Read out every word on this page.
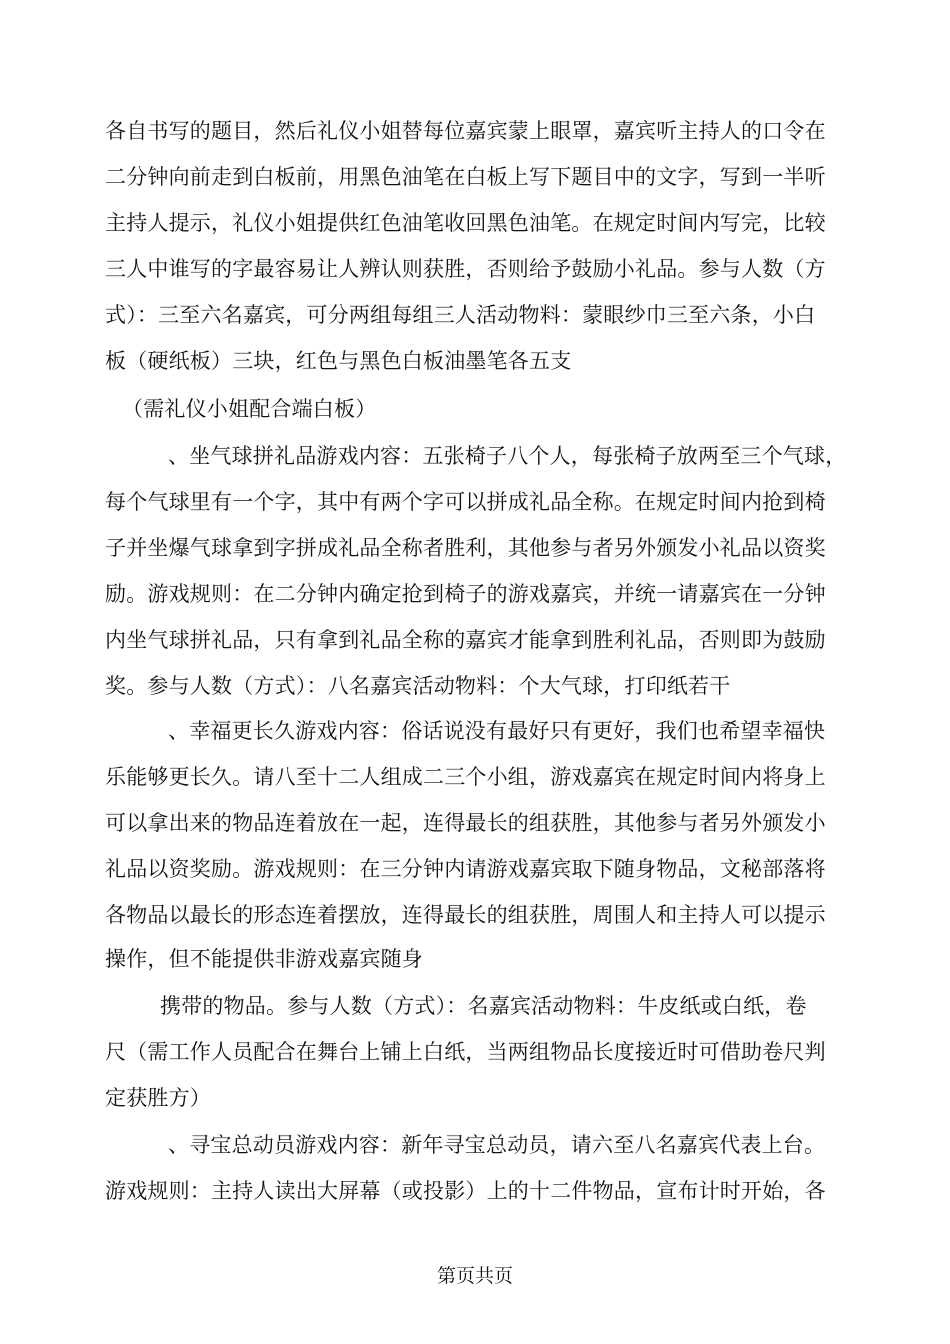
各自书写的题目，然后礼仪小姐替每位嘉宾蒙上眼罩，嘉宾听主持人的口令在
二分钟向前走到白板前，用黑色油笔在白板上写下题目中的文字，写到一半听
主持人提示，礼仪小姐提供红色油笔收回黑色油笔。在规定时间内写完，比较
三人中谁写的字最容易让人辨认则获胜，否则给予鼓励小礼品。参与人数（方
式）：三至六名嘉宾，可分两组每组三人活动物料：蒙眼纱巾三至六条，小白
板（硬纸板）三块，红色与黑色白板油墨笔各五支
（需礼仪小姐配合端白板）
、坐气球拼礼品游戏内容：五张椅子八个人，每张椅子放两至三个气球，
每个气球里有一个字，其中有两个字可以拼成礼品全称。在规定时间内抢到椅
子并坐爆气球拿到字拼成礼品全称者胜利，其他参与者另外颁发小礼品以资奖
励。游戏规则：在二分钟内确定抢到椅子的游戏嘉宾，并统一请嘉宾在一分钟
内坐气球拼礼品，只有拿到礼品全称的嘉宾才能拿到胜利礼品，否则即为鼓励
奖。参与人数（方式）：八名嘉宾活动物料：个大气球，打印纸若干
、幸福更长久游戏内容：俗话说没有最好只有更好，我们也希望幸福快
乐能够更长久。请八至十二人组成二三个小组，游戏嘉宾在规定时间内将身上
可以拿出来的物品连着放在一起，连得最长的组获胜，其他参与者另外颁发小
礼品以资奖励。游戏规则：在三分钟内请游戏嘉宾取下随身物品，文秘部落将
各物品以最长的形态连着摆放，连得最长的组获胜，周围人和主持人可以提示
操作，但不能提供非游戏嘉宾随身
携带的物品。参与人数（方式）：名嘉宾活动物料：牛皮纸或白纸，卷
尺（需工作人员配合在舞台上铺上白纸，当两组物品长度接近时可借助卷尺判
定获胜方）
、寻宝总动员游戏内容：新年寻宝总动员，请六至八名嘉宾代表上台。
游戏规则：主持人读出大屏幕（或投影）上的十二件物品，宣布计时开始，各
第页共页
